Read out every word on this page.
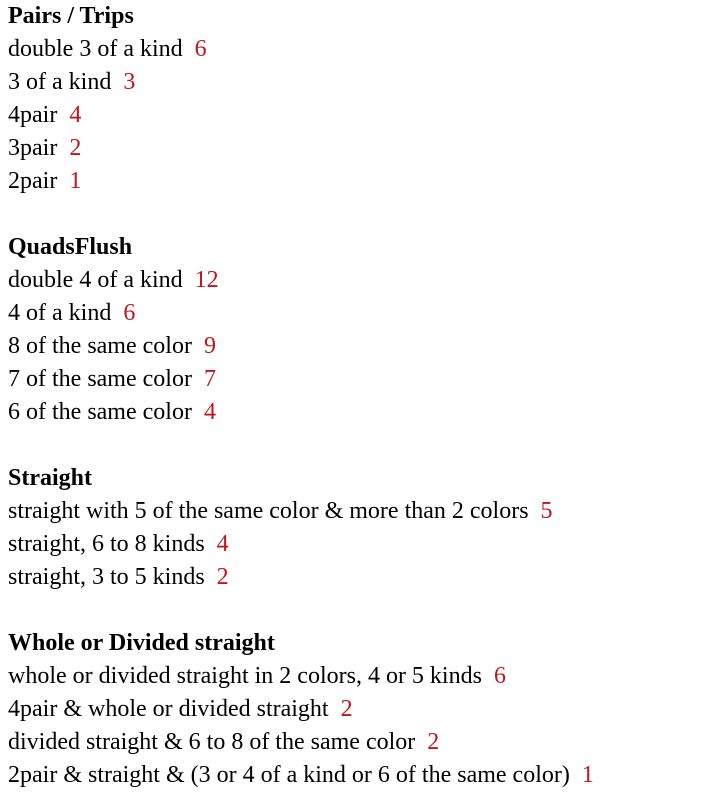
Pairs / Trips
double 3 of a kind 6
3 of a kind 3
4pair 4
3pair 2
2pair 1
QuadsFlush
double 4 of a kind 12
4 of a kind 6
8 of the same color 9
7 of the same color 7
6 of the same color 4
Straight
straight with 5 of the same color & more than 2 colors 5
straight, 6 to 8 kinds 4
straight, 3 to 5 kinds 2
Whole or Divided straight
whole or divided straight in 2 colors, 4 or 5 kinds 6
4pair & whole or divided straight 2
divided straight & 6 to 8 of the same color 2
2pair & straight & (3 or 4 of a kind or 6 of the same color) 1
